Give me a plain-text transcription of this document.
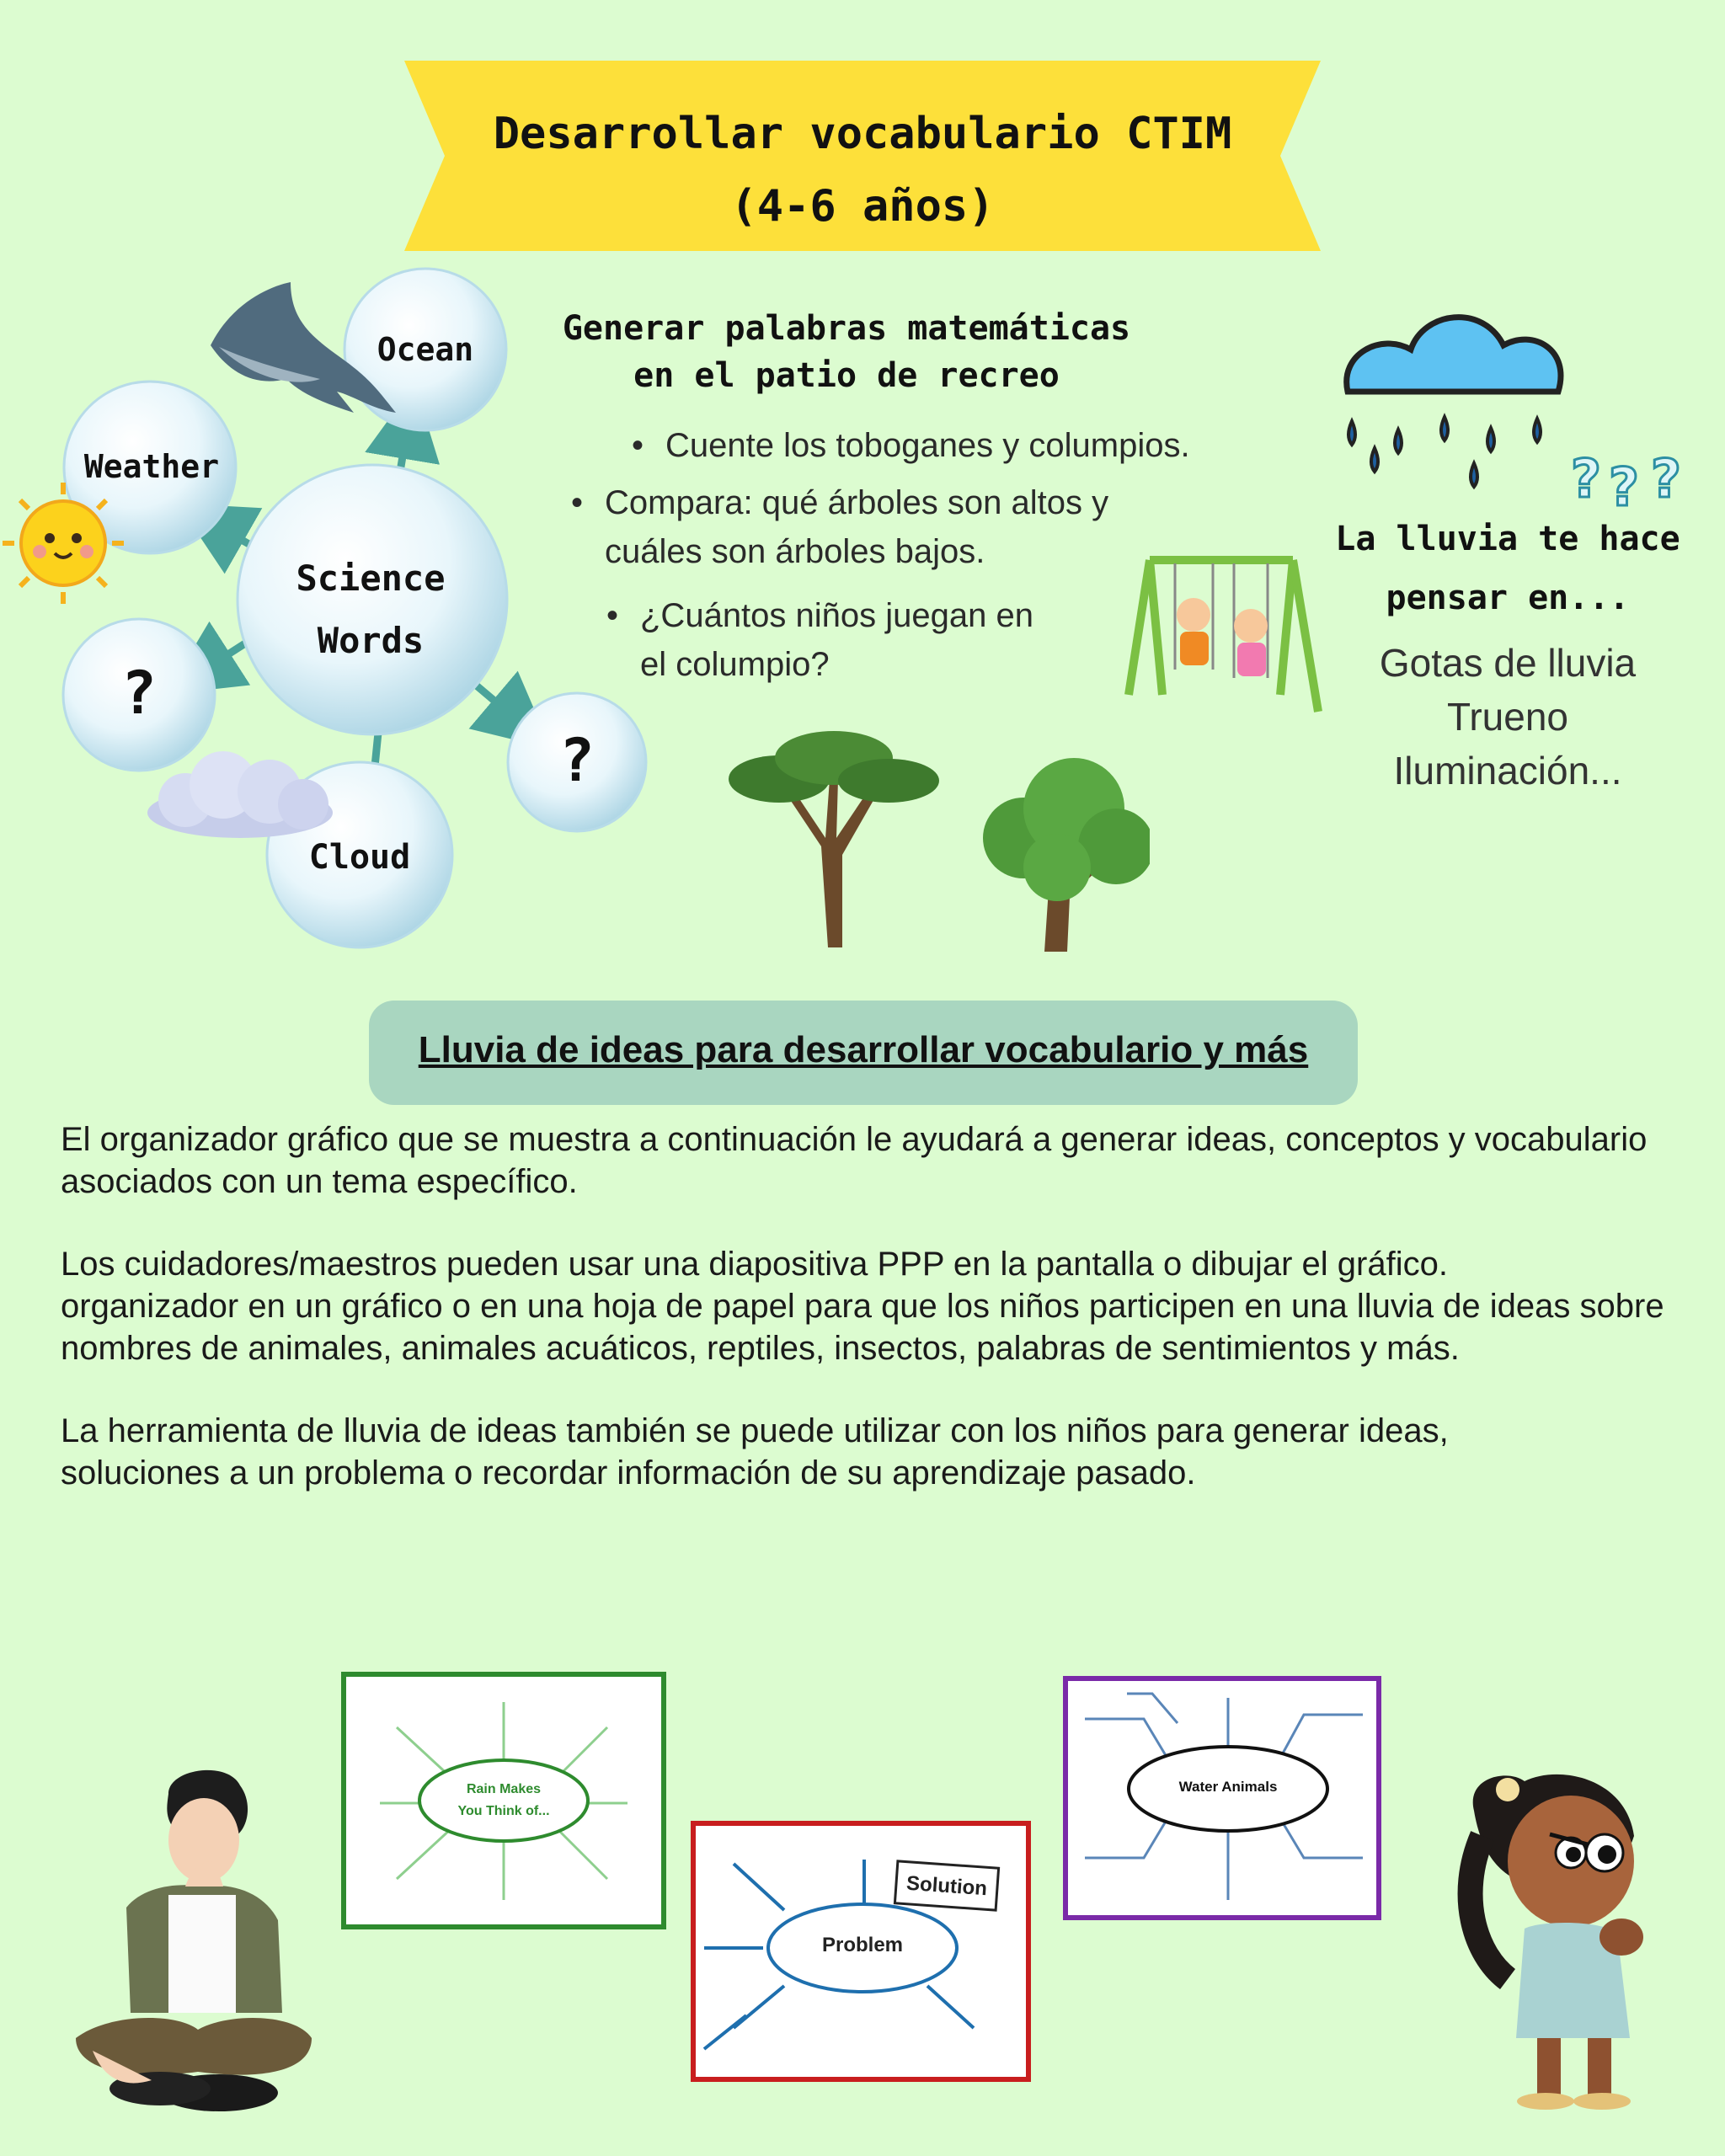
Desarrollar vocabulario CTIM
(4-6 años)
Ocean
Weather
Science
Words
?
?
Cloud
Generar palabras matemáticas
en el patio de recreo
• Cuente los toboganes y columpios.
• Compara: qué árboles son altos y
cuáles son árboles bajos.
• ¿Cuántos niños juegan en
el columpio?
? ? ?
La lluvia te hace
pensar en...
Gotas de lluvia
Trueno
Iluminación...
Lluvia de ideas para desarrollar vocabulario y más

El organizador gráfico que se muestra a continuación le ayudará a generar ideas, conceptos y vocabulario asociados con un tema específico.

Los cuidadores/maestros pueden usar una diapositiva PPP en la pantalla o dibujar el gráfico.
organizador en un gráfico o en una hoja de papel para que los niños participen en una lluvia de ideas sobre nombres de animales, animales acuáticos, reptiles, insectos, palabras de sentimientos y más.

La herramienta de lluvia de ideas también se puede utilizar con los niños para generar ideas,
soluciones a un problema o recordar información de su aprendizaje pasado.

Rain Makes
You Think of...
Problem
Solution
Water Animals
